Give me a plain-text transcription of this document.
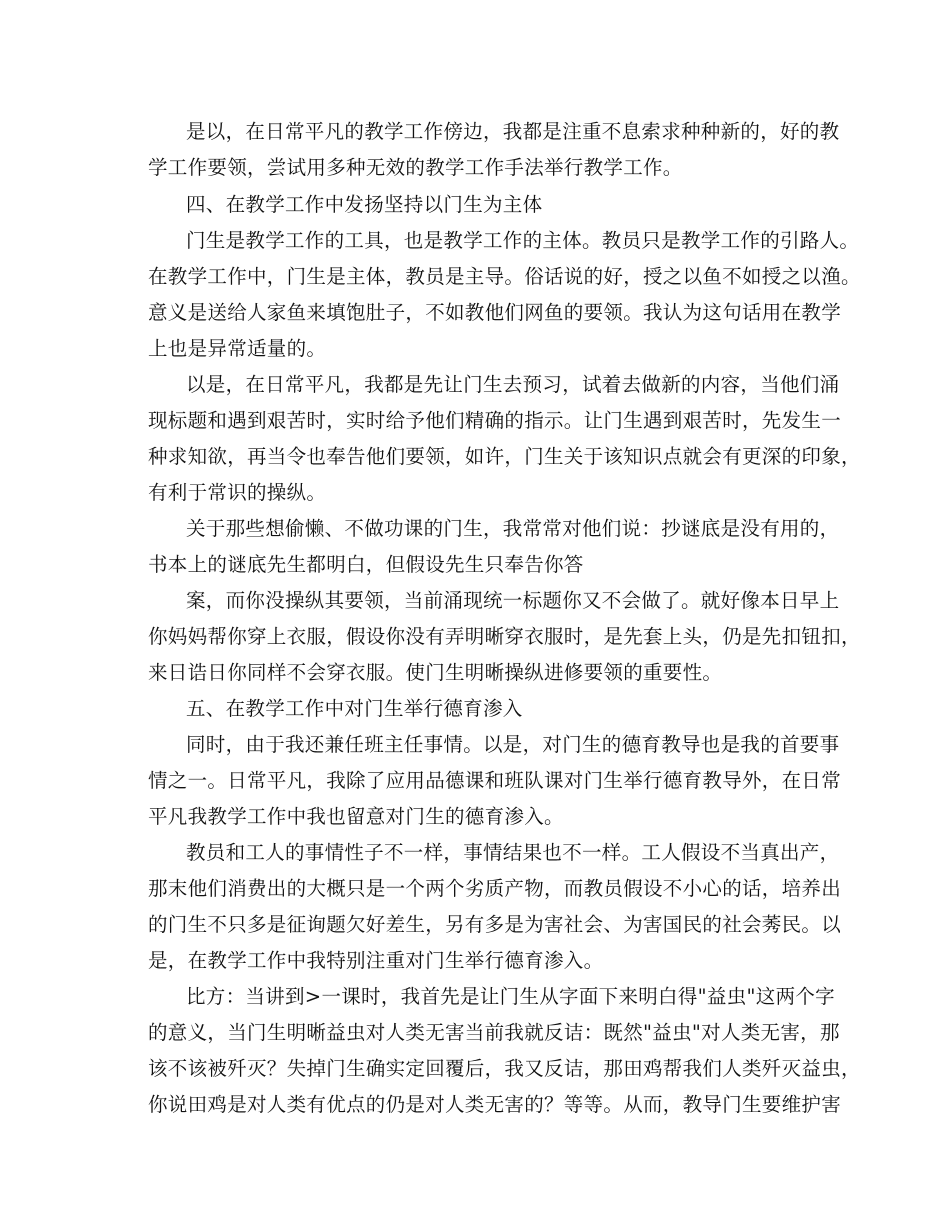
是以，在日常平凡的教学工作傍边，我都是注重不息索求种种新的，好的教
学工作要领，尝试用多种无效的教学工作手法举行教学工作。
四、在教学工作中发扬坚持以门生为主体
门生是教学工作的工具，也是教学工作的主体。教员只是教学工作的引路人。
在教学工作中，门生是主体，教员是主导。俗话说的好，授之以鱼不如授之以渔。
意义是送给人家鱼来填饱肚子，不如教他们网鱼的要领。我认为这句话用在教学
上也是异常适量的。
以是，在日常平凡，我都是先让门生去预习，试着去做新的内容，当他们涌
现标题和遇到艰苦时，实时给予他们精确的指示。让门生遇到艰苦时，先发生一
种求知欲，再当令也奉告他们要领，如许，门生关于该知识点就会有更深的印象，
有利于常识的操纵。
关于那些想偷懒、不做功课的门生，我常常对他们说：抄谜底是没有用的，
书本上的谜底先生都明白，但假设先生只奉告你答
案，而你没操纵其要领，当前涌现统一标题你又不会做了。就好像本日早上
你妈妈帮你穿上衣服，假设你没有弄明晰穿衣服时，是先套上头，仍是先扣钮扣，
来日诰日你同样不会穿衣服。使门生明晰操纵进修要领的重要性。
五、在教学工作中对门生举行德育渗入
同时，由于我还兼任班主任事情。以是，对门生的德育教导也是我的首要事
情之一。日常平凡，我除了应用品德课和班队课对门生举行德育教导外，在日常
平凡我教学工作中我也留意对门生的德育渗入。
教员和工人的事情性子不一样，事情结果也不一样。工人假设不当真出产，
那末他们消费出的大概只是一个两个劣质产物，而教员假设不小心的话，培养出
的门生不只多是征询题欠好差生，另有多是为害社会、为害国民的社会莠民。以
是，在教学工作中我特别注重对门生举行德育渗入。
比方：当讲到>一课时，我首先是让门生从字面下来明白得"益虫"这两个字
的意义，当门生明晰益虫对人类无害当前我就反诘：既然"益虫"对人类无害，那
该不该被歼灭？失掉门生确实定回覆后，我又反诘，那田鸡帮我们人类歼灭益虫，
你说田鸡是对人类有优点的仍是对人类无害的？等等。从而，教导门生要维护害
